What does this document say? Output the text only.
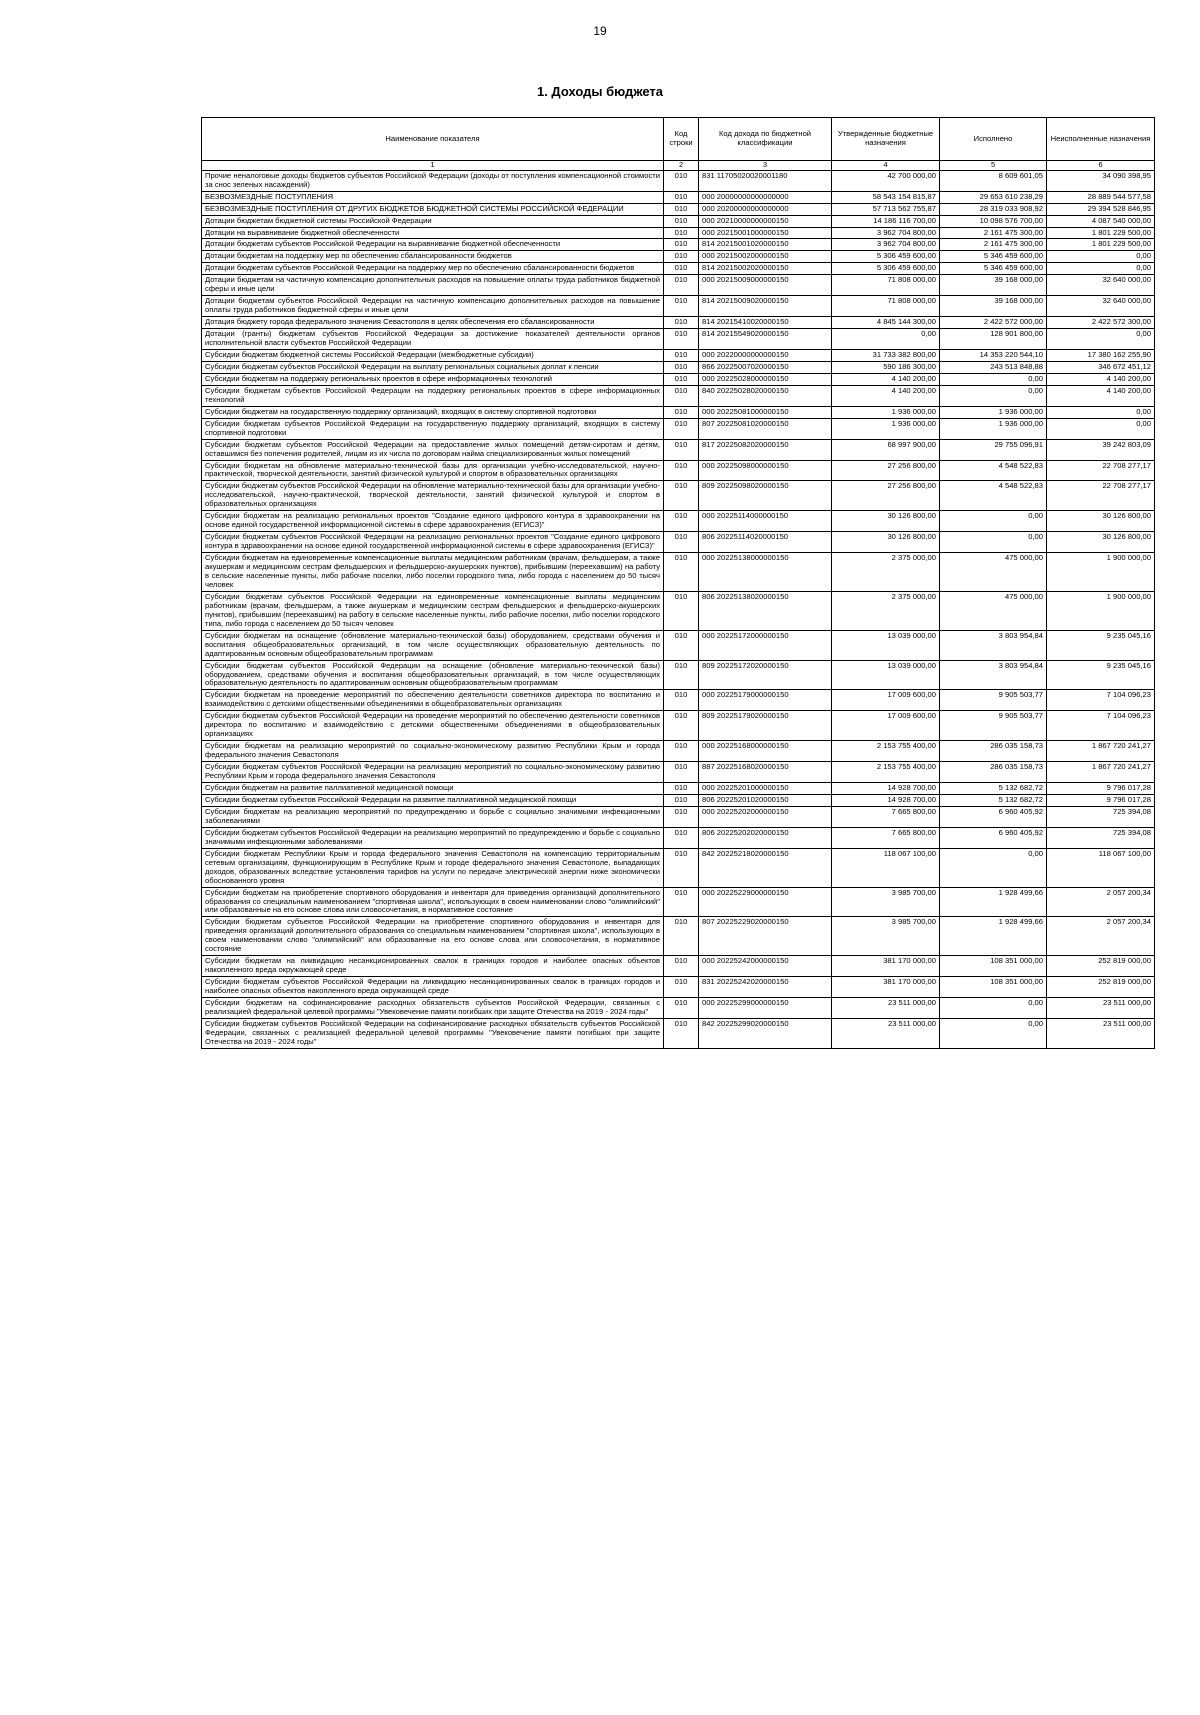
19
1. Доходы бюджета
Наименование показателя	Код строки	Код дохода по бюджетной классификации	Утвержденные бюджетные назначения	Исполнено	Неисполненные назначения
1	2	3	4	5	6
Прочие неналоговые доходы бюджетов субъектов Российской Федерации (доходы от поступления компенсационной стоимости за снос зеленых насаждений)	010	831 11705020020001180	42 700 000,00	8 609 601,05	34 090 398,95
БЕЗВОЗМЕЗДНЫЕ ПОСТУПЛЕНИЯ	010	000 20000000000000000	58 543 154 815,87	29 653 610 238,29	28 889 544 577,58
БЕЗВОЗМЕЗДНЫЕ ПОСТУПЛЕНИЯ ОТ ДРУГИХ БЮДЖЕТОВ БЮДЖЕТНОЙ СИСТЕМЫ РОССИЙСКОЙ ФЕДЕРАЦИИ	010	000 20200000000000000	57 713 562 755,87	28 319 033 908,92	29 394 528 846,95
Дотации бюджетам бюджетной системы Российской Федерации	010	000 20210000000000150	14 186 116 700,00	10 098 576 700,00	4 087 540 000,00
Дотации на выравнивание бюджетной обеспеченности	010	000 20215001000000150	3 962 704 800,00	2 161 475 300,00	1 801 229 500,00
Дотации бюджетам субъектов Российской Федерации на выравнивание бюджетной обеспеченности	010	814 20215001020000150	3 962 704 800,00	2 161 475 300,00	1 801 229 500,00
Дотации бюджетам на поддержку мер по обеспечению сбалансированности бюджетов	010	000 20215002000000150	5 306 459 600,00	5 346 459 600,00	0,00
Дотации бюджетам субъектов Российской Федерации на поддержку мер по обеспечению сбалансированности бюджетов	010	814 20215002020000150	5 306 459 600,00	5 346 459 600,00	0,00
Дотации бюджетам на частичную компенсацию дополнительных расходов на повышение оплаты труда работников бюджетной сферы и иные цели	010	000 20215009000000150	71 808 000,00	39 168 000,00	32 640 000,00
Дотации бюджетам субъектов Российской Федерации на частичную компенсацию дополнительных расходов на повышение оплаты труда работников бюджетной сферы и иные цели	010	814 20215009020000150	71 808 000,00	39 168 000,00	32 640 000,00
Дотация бюджету города федерального значения Севастополя в целях обеспечения его сбалансированности	010	814 20215410020000150	4 845 144 300,00	2 422 572 000,00	2 422 572 300,00
Дотации (гранты) бюджетам субъектов Российской Федерации за достижение показателей деятельности органов исполнительной власти субъектов Российской Федерации	010	814 20215549020000150	0,00	128 901 800,00	0,00
Субсидии бюджетам бюджетной системы Российской Федерации (межбюджетные субсидии)	010	000 20220000000000150	31 733 382 800,00	14 353 220 544,10	17 380 162 255,90
Субсидии бюджетам субъектов Российской Федерации на выплату региональных социальных доплат к пенсии	010	866 20225007020000150	590 186 300,00	243 513 848,88	346 672 451,12
Субсидии бюджетам на поддержку региональных проектов в сфере информационных технологий	010	000 20225028000000150	4 140 200,00	0,00	4 140 200,00
Субсидии бюджетам субъектов Российской Федерации на поддержку региональных проектов в сфере информационных технологий	010	840 20225028020000150	4 140 200,00	0,00	4 140 200,00
Субсидии бюджетам на государственную поддержку организаций, входящих в систему спортивной подготовки	010	000 20225081000000150	1 936 000,00	1 936 000,00	0,00
Субсидии бюджетам субъектов Российской Федерации на государственную поддержку организаций, входящих в систему спортивной подготовки	010	807 20225081020000150	1 936 000,00	1 936 000,00	0,00
Субсидии бюджетам субъектов Российской Федерации на предоставление жилых помещений детям-сиротам и детям, оставшимся без попечения родителей, лицам из их числа по договорам найма специализированных жилых помещений	010	817 20225082020000150	68 997 900,00	29 755 096,91	39 242 803,09
Субсидии бюджетам на обновление материально-технической базы для организации учебно-исследовательской, научно-практической, творческой деятельности, занятий физической культурой и спортом в образовательных организациях	010	000 20225098000000150	27 256 800,00	4 548 522,83	22 708 277,17
Субсидии бюджетам субъектов Российской Федерации на обновление материально-технической базы для организации учебно-исследовательской, научно-практической, творческой деятельности, занятий физической культурой и спортом в образовательных организациях	010	809 20225098020000150	27 256 800,00	4 548 522,83	22 708 277,17
Субсидии бюджетам на реализацию региональных проектов "Создание единого цифрового контура в здравоохранении на основе единой государственной информационной системы в сфере здравоохранения (ЕГИСЗ)"	010	000 20225114000000150	30 126 800,00	0,00	30 126 800,00
Субсидии бюджетам субъектов Российской Федерации на реализацию региональных проектов "Создание единого цифрового контура в здравоохранении на основе единой государственной информационной системы в сфере здравоохранения (ЕГИСЗ)"	010	806 20225114020000150	30 126 800,00	0,00	30 126 800,00
Субсидии бюджетам на единовременные компенсационные выплаты медицинским работникам (врачам, фельдшерам, а также акушеркам и медицинским сестрам фельдшерских и фельдшерско-акушерских пунктов), прибывшим (переехавшим) на работу в сельские населенные пункты, либо рабочие поселки, либо поселки городского типа, либо города с населением до 50 тысяч человек	010	000 20225138000000150	2 375 000,00	475 000,00	1 900 000,00
Субсидии бюджетам субъектов Российской Федерации на единовременные компенсационные выплаты медицинским работникам (врачам, фельдшерам, а также акушеркам и медицинским сестрам фельдшерских и фельдшерско-акушерских пунктов), прибывшим (переехавшим) на работу в сельские населенные пункты, либо рабочие поселки, либо поселки городского типа, либо города с населением до 50 тысяч человек	010	806 20225138020000150	2 375 000,00	475 000,00	1 900 000,00
Субсидии бюджетам на оснащение (обновление материально-технической базы) оборудованием, средствами обучения и воспитания общеобразовательных организаций, в том числе осуществляющих образовательную деятельность по адаптированным основным общеобразовательным программам	010	000 20225172000000150	13 039 000,00	3 803 954,84	9 235 045,16
Субсидии бюджетам субъектов Российской Федерации на оснащение (обновление материально-технической базы) оборудованием, средствами обучения и воспитания общеобразовательных организаций, в том числе осуществляющих образовательную деятельность по адаптированным основным общеобразовательным программам	010	809 20225172020000150	13 039 000,00	3 803 954,84	9 235 045,16
Субсидии бюджетам на проведение мероприятий по обеспечению деятельности советников директора по воспитанию и взаимодействию с детскими общественными объединениями в общеобразовательных организациях	010	000 20225179000000150	17 009 600,00	9 905 503,77	7 104 096,23
Субсидии бюджетам субъектов Российской Федерации на проведение мероприятий по обеспечению деятельности советников директора по воспитанию и взаимодействию с детскими общественными объединениями в общеобразовательных организациях	010	809 20225179020000150	17 009 600,00	9 905 503,77	7 104 096,23
Субсидии бюджетам на реализацию мероприятий по социально-экономическому развитию Республики Крым и города федерального значения Севастополя	010	000 20225168000000150	2 153 755 400,00	286 035 158,73	1 867 720 241,27
Субсидии бюджетам субъектов Российской Федерации на реализацию мероприятий по социально-экономическому развитию Республики Крым и города федерального значения Севастополя	010	887 20225168020000150	2 153 755 400,00	286 035 158,73	1 867 720 241,27
Субсидии бюджетам на развитие паллиативной медицинской помощи	010	000 20225201000000150	14 928 700,00	5 132 682,72	9 796 017,28
Субсидии бюджетам субъектов Российской Федерации на развитие паллиативной медицинской помощи	010	806 20225201020000150	14 928 700,00	5 132 682,72	9 796 017,28
Субсидии бюджетам на реализацию мероприятий по предупреждению и борьбе с социально значимыми инфекционными заболеваниями	010	000 20225202000000150	7 665 800,00	6 960 405,92	725 394,08
Субсидии бюджетам субъектов Российской Федерации на реализацию мероприятий по предупреждению и борьбе с социально значимыми инфекционными заболеваниями	010	806 20225202020000150	7 665 800,00	6 960 405,92	725 394,08
Субсидии бюджетам Республики Крым и города федерального значения Севастополя на компенсацию территориальным сетевым организациям, функционирующим в Республике Крым и городе федерального значения Севастополе, выпадающих доходов, образованных вследствие установления тарифов на услуги по передаче электрической энергии ниже экономически обоснованного уровня	010	842 20225218020000150	118 067 100,00	0,00	118 067 100,00
Субсидии бюджетам на приобретение спортивного оборудования и инвентаря для приведения организаций дополнительного образования со специальным наименованием "спортивная школа", использующих в своем наименовании слово "олимпийский" или образованные на его основе слова или словосочетания, в нормативное состояние	010	000 20225229000000150	3 985 700,00	1 928 499,66	2 057 200,34
Субсидии бюджетам субъектов Российской Федерации на приобретение спортивного оборудования и инвентаря для приведения организаций дополнительного образования со специальным наименованием "спортивная школа", использующих в своем наименовании слово "олимпийский" или образованные на его основе слова или словосочетания, в нормативное состояние	010	807 20225229020000150	3 985 700,00	1 928 499,66	2 057 200,34
Субсидии бюджетам на ликвидацию несанкционированных свалок в границах городов и наиболее опасных объектов накопленного вреда окружающей среде	010	000 20225242000000150	381 170 000,00	108 351 000,00	252 819 000,00
Субсидии бюджетам субъектов Российской Федерации на ликвидацию несанкционированных свалок в границах городов и наиболее опасных объектов накопленного вреда окружающей среде	010	831 20225242020000150	381 170 000,00	108 351 000,00	252 819 000,00
Субсидии бюджетам на софинансирование расходных обязательств субъектов Российской Федерации, связанных с реализацией федеральной целевой программы "Увековечение памяти погибших при защите Отечества на 2019 - 2024 годы"	010	000 20225299000000150	23 511 000,00	0,00	23 511 000,00
Субсидии бюджетам субъектов Российской Федерации на софинансирование расходных обязательств субъектов Российской Федерации, связанных с реализацией федеральной целевой программы "Увековечение памяти погибших при защите Отечества на 2019 - 2024 годы"	010	842 20225299020000150	23 511 000,00	0,00	23 511 000,00
